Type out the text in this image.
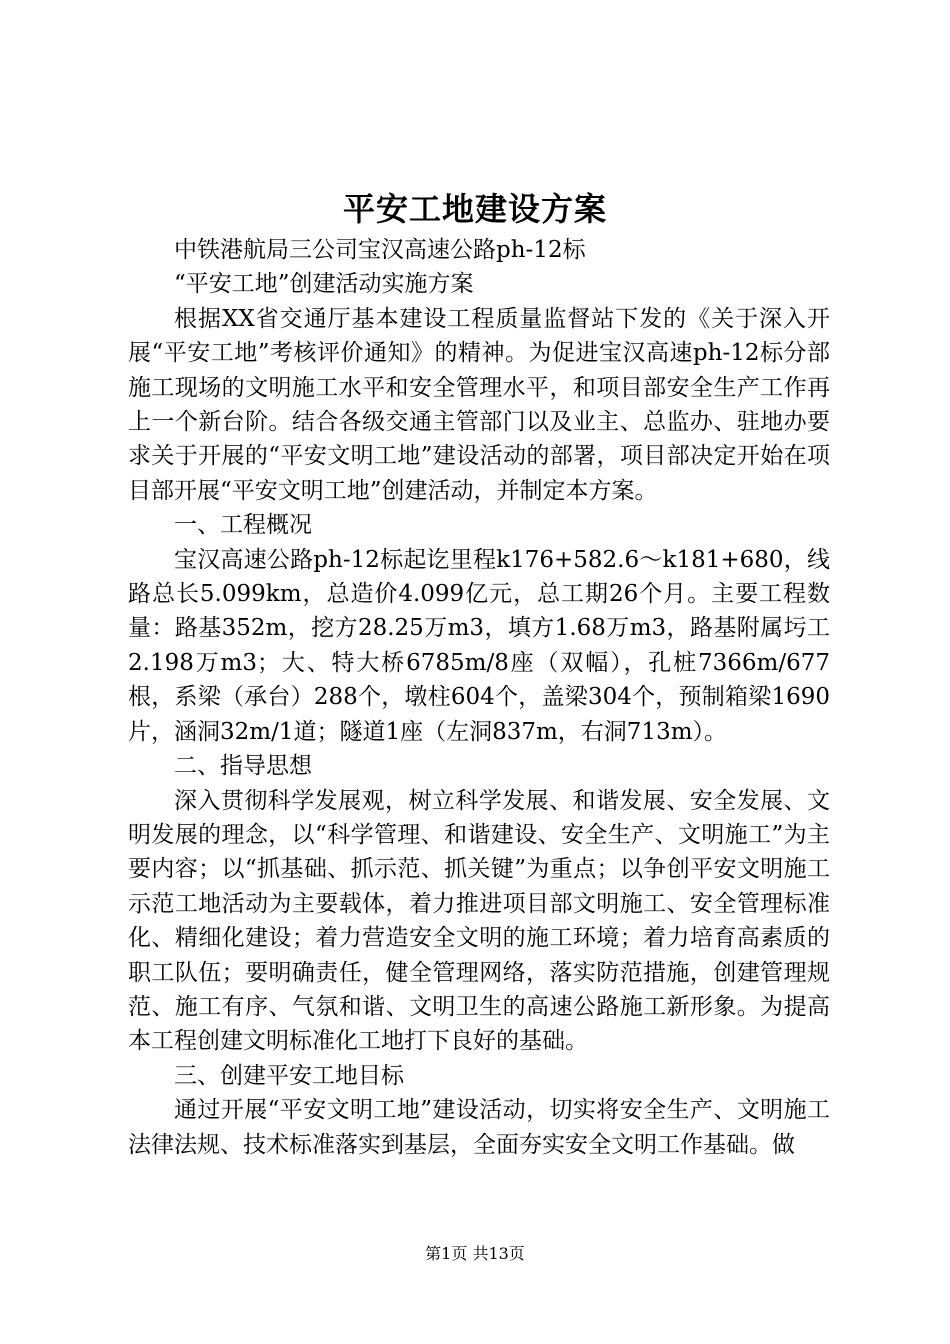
平安工地建设方案

中铁港航局三公司宝汉高速公路ph-12标

“平安工地”创建活动实施方案

根据XX省交通厅基本建设工程质量监督站下发的《关于深入开展“平安工地”考核评价通知》的精神。为促进宝汉高速ph-12标分部施工现场的文明施工水平和安全管理水平，和项目部安全生产工作再上一个新台阶。结合各级交通主管部门以及业主、总监办、驻地办要求关于开展的“平安文明工地”建设活动的部署，项目部决定开始在项目部开展“平安文明工地”创建活动，并制定本方案。

一、工程概况

宝汉高速公路ph-12标起讫里程k176+582.6～k181+680，线路总长5.099km，总造价4.099亿元，总工期26个月。主要工程数量：路基352m，挖方28.25万m3，填方1.68万m3，路基附属圬工2.198万m3；大、特大桥6785m/8座（双幅），孔桩7366m/677根，系梁（承台）288个，墩柱604个，盖梁304个，预制箱梁1690片，涵洞32m/1道；隧道1座（左洞837m，右洞713m）。

二、指导思想

深入贯彻科学发展观，树立科学发展、和谐发展、安全发展、文明发展的理念，以“科学管理、和谐建设、安全生产、文明施工”为主要内容；以“抓基础、抓示范、抓关键”为重点；以争创平安文明施工示范工地活动为主要载体，着力推进项目部文明施工、安全管理标准化、精细化建设；着力营造安全文明的施工环境；着力培育高素质的职工队伍；要明确责任，健全管理网络，落实防范措施，创建管理规范、施工有序、气氛和谐、文明卫生的高速公路施工新形象。为提高本工程创建文明标准化工地打下良好的基础。

三、创建平安工地目标

通过开展“平安文明工地”建设活动，切实将安全生产、文明施工法律法规、技术标准落实到基层，全面夯实安全文明工作基础。做

第1页 共13页
